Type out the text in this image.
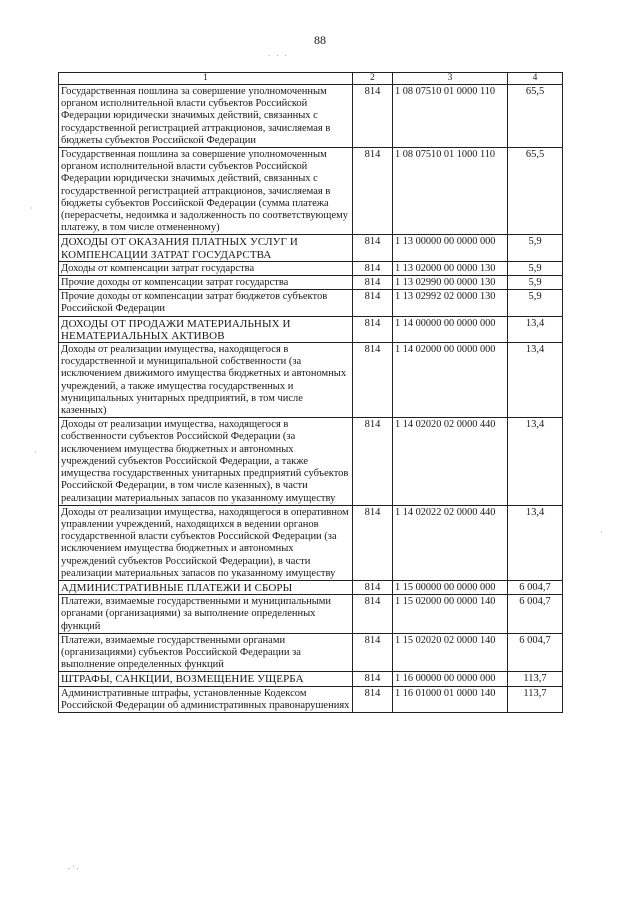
88
· · ·
1	2	3	4
Государственная пошлина за совершение уполномоченным органом исполнительной власти субъектов Российской Федерации юридически значимых действий, связанных с государственной регистрацией аттракционов, зачисляемая в бюджеты субъектов Российской Федерации	814	1 08 07510 01 0000 110	65,5
Государственная пошлина за совершение уполномоченным органом исполнительной власти субъектов Российской Федерации юридически значимых действий, связанных с государственной регистрацией аттракционов, зачисляемая в бюджеты субъектов Российской Федерации (сумма платежа (перерасчеты, недоимка и задолженность по соответствующему платежу, в том числе отмененному)	814	1 08 07510 01 1000 110	65,5
ДОХОДЫ ОТ ОКАЗАНИЯ ПЛАТНЫХ УСЛУГ И КОМПЕНСАЦИИ ЗАТРАТ ГОСУДАРСТВА	814	1 13 00000 00 0000 000	5,9
Доходы от компенсации затрат государства	814	1 13 02000 00 0000 130	5,9
Прочие доходы от компенсации затрат государства	814	1 13 02990 00 0000 130	5,9
Прочие доходы от компенсации затрат бюджетов субъектов Российской Федерации	814	1 13 02992 02 0000 130	5,9
ДОХОДЫ ОТ ПРОДАЖИ МАТЕРИАЛЬНЫХ И НЕМАТЕРИАЛЬНЫХ АКТИВОВ	814	1 14 00000 00 0000 000	13,4
Доходы от реализации имущества, находящегося в государственной и муниципальной собственности (за исключением движимого имущества бюджетных и автономных учреждений, а также имущества государственных и муниципальных унитарных предприятий, в том числе казенных)	814	1 14 02000 00 0000 000	13,4
Доходы от реализации имущества, находящегося в собственности субъектов Российской Федерации (за исключением имущества бюджетных и автономных учреждений субъектов Российской Федерации, а также имущества государственных унитарных предприятий субъектов Российской Федерации, в том числе казенных), в части реализации материальных запасов по указанному имуществу	814	1 14 02020 02 0000 440	13,4
Доходы от реализации имущества, находящегося в оперативном управлении учреждений, находящихся в ведении органов государственной власти субъектов Российской Федерации (за исключением имущества бюджетных и автономных учреждений субъектов Российской Федерации), в части реализации материальных запасов по указанному имуществу	814	1 14 02022 02 0000 440	13,4
АДМИНИСТРАТИВНЫЕ ПЛАТЕЖИ И СБОРЫ	814	1 15 00000 00 0000 000	6 004,7
Платежи, взимаемые государственными и муниципальными органами (организациями) за выполнение определенных функций	814	1 15 02000 00 0000 140	6 004,7
Платежи, взимаемые государственными органами (организациями) субъектов Российской Федерации за выполнение определенных функций	814	1 15 02020 02 0000 140	6 004,7
ШТРАФЫ, САНКЦИИ, ВОЗМЕЩЕНИЕ УЩЕРБА	814	1 16 00000 00 0000 000	113,7
Административные штрафы, установленные Кодексом Российской Федерации об административных правонарушениях	814	1 16 01000 01 0000 140	113,7
·
·
·
. · .
